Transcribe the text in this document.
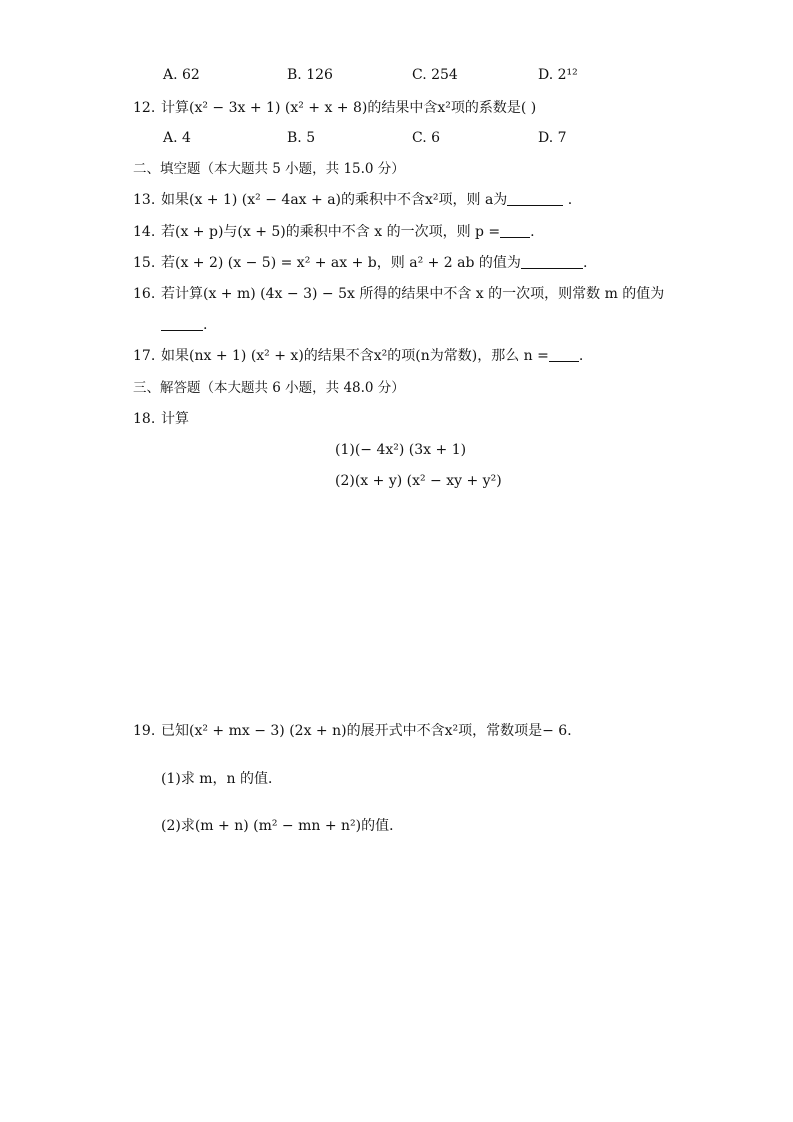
A. 62	B. 126	C. 254	D. 2¹²
12. 计算(x² − 3x + 1) (x² + x + 8)的结果中含x²项的系数是( )
A. 4	B. 5	C. 6	D. 7
二、填空题（本大题共 5 小题，共 15.0 分）
13. 如果(x + 1) (x² − 4ax + a)的乘积中不含x²项，则 a为	.
14. 若(x + p)与(x + 5)的乘积中不含 x 的一次项，则 p = .
15. 若(x + 2) (x − 5) = x² + ax + b，则 a² + 2 ab 的值为	.
16. 若计算(x + m) (4x − 3) − 5x 所得的结果中不含 x 的一次项，则常数 m 的值为
.
17. 如果(nx + 1) (x² + x)的结果不含x²的项(n为常数)，那么 n = .
三、解答题（本大题共 6 小题，共 48.0 分）
18. 计算
(1)(− 4x²) (3x + 1)
(2)(x + y) (x² − xy + y²)
19. 已知(x² + mx − 3) (2x + n)的展开式中不含x²项，常数项是− 6．
(1)求 m，n 的值．
(2)求(m + n) (m² − mn + n²)的值．
